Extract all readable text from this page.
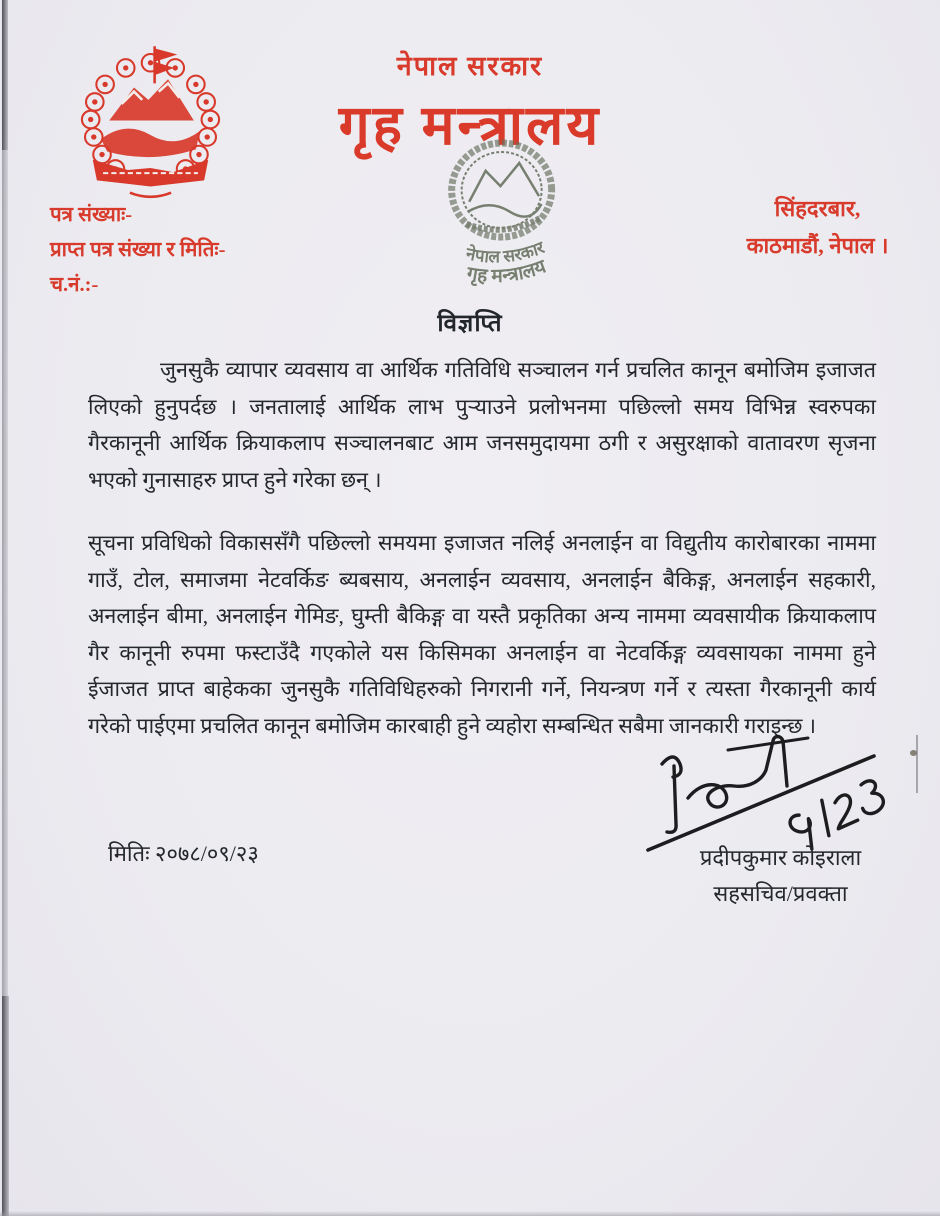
नेपाल सरकार
गृह मन्त्रालय
नेपाल सरकार
गृह मन्त्रालय
सिंहदरबार,
काठमाडौं, नेपाल ।
पत्र संख्याः-
प्राप्त पत्र संख्या र मितिः-
च.नं.:-
विज्ञप्ति

जुनसुकै व्यापार व्यवसाय वा आर्थिक गतिविधि सञ्चालन गर्न प्रचलित कानून बमोजिम इजाजत लिएको हुनुपर्दछ । जनतालाई आर्थिक लाभ पुर्‍याउने प्रलोभनमा पछिल्लो समय विभिन्न स्वरुपका गैरकानूनी आर्थिक क्रियाकलाप सञ्चालनबाट आम जनसमुदायमा ठगी र असुरक्षाको वातावरण सृजना भएको गुनासाहरु प्राप्त हुने गरेका छन् ।

सूचना प्रविधिको विकाससँगै पछिल्लो समयमा इजाजत नलिई अनलाईन वा विद्युतीय कारोबारका नाममा गाउँ, टोल, समाजमा नेटवर्किङ ब्यबसाय, अनलाईन व्यवसाय, अनलाईन बैकिङ्ग, अनलाईन सहकारी, अनलाईन बीमा, अनलाईन गेमिङ, घुम्ती बैकिङ्ग वा यस्तै प्रकृतिका अन्य नाममा व्यवसायीक क्रियाकलाप गैर कानूनी रुपमा फस्टाउँदै गएकोले यस किसिमका अनलाईन वा नेटवर्किङ्ग व्यवसायका नाममा हुने ईजाजत प्राप्त बाहेकका जुनसुकै गतिविधिहरुको निगरानी गर्ने, नियन्त्रण गर्ने र त्यस्ता गैरकानूनी कार्य गरेको पाईएमा प्रचलित कानून बमोजिम कारबाही हुने व्यहोरा सम्बन्धित सबैमा जानकारी गराइन्छ ।

मितिः २०७८/०९/२३	प्रदीपकुमार कोइराला
सहसचिव/प्रवक्ता
